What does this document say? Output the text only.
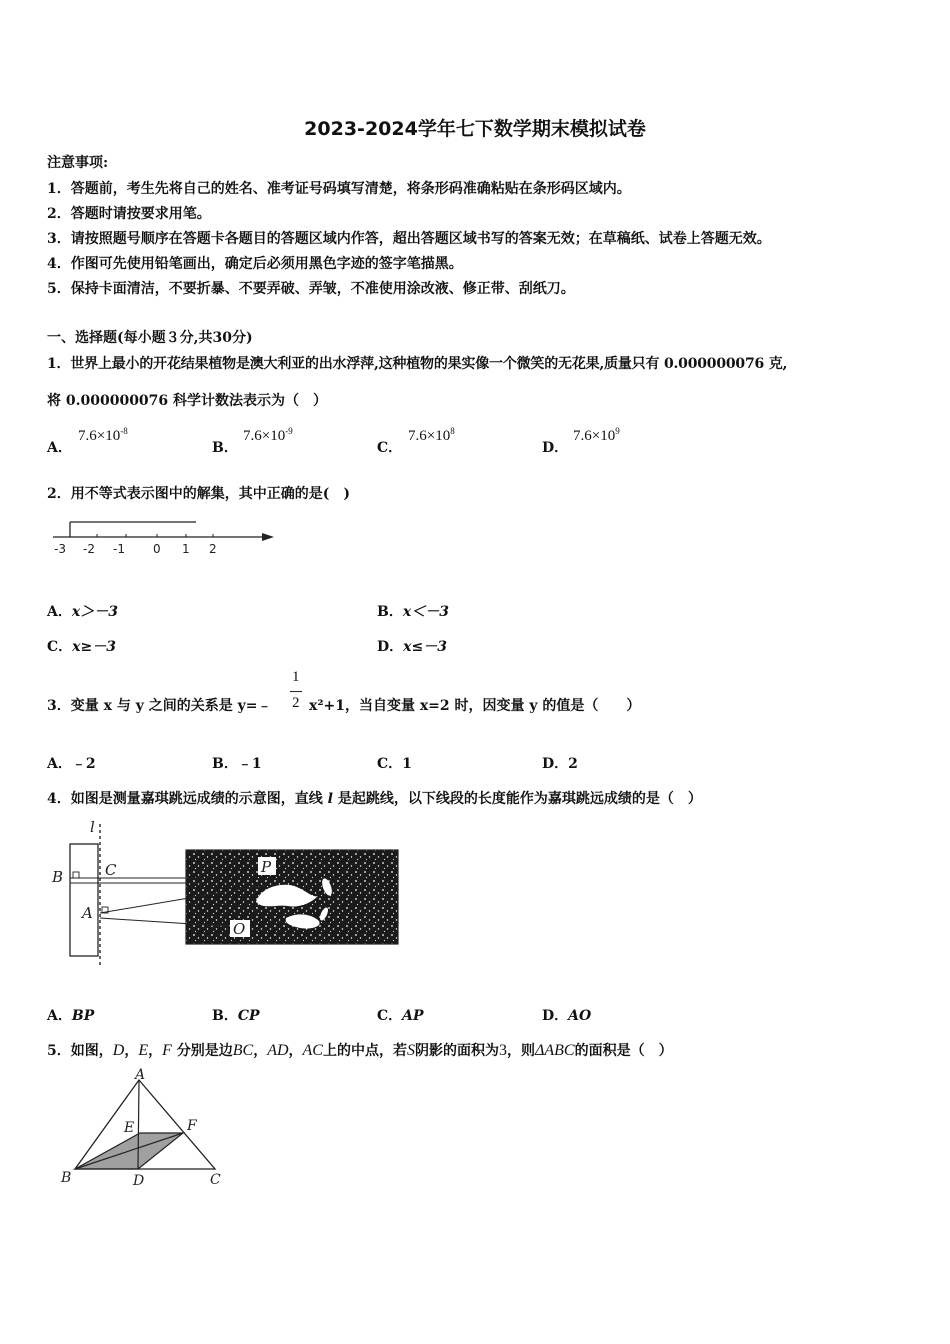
2023-2024学年七下数学期末模拟试卷
注意事项:
1．答题前，考生先将自己的姓名、准考证号码填写清楚，将条形码准确粘贴在条形码区域内。
2．答题时请按要求用笔。
3．请按照题号顺序在答题卡各题目的答题区域内作答，超出答题区域书写的答案无效；在草稿纸、试卷上答题无效。
4．作图可先使用铅笔画出，确定后必须用黑色字迹的签字笔描黑。
5．保持卡面清洁，不要折暴、不要弄破、弄皱，不准使用涂改液、修正带、刮纸刀。
一、选择题(每小题３分,共30分)
1．世界上最小的开花结果植物是澳大利亚的出水浮萍,这种植物的果实像一个微笑的无花果,质量只有 0.000000076 克,
将 0.000000076 科学计数法表示为（　）
A．
$7.6\times 10^{-8}$
B．
$7.6\times 10^{-9}$
C．
$7.6\times 10^8$
D．
$7.6\times 10^9$
2．用不等式表示图中的解集，其中正确的是(　)
-3 -2 -1 0 1 2
A．x＞－3	B．x＜－3
C．x≥－3	D．x≤－3
3．变量 x 与 y 之间的关系是 y=﹣
1
2 x²+1，当自变量 x=2 时，因变量 y 的值是（　　）
A．﹣2	B．﹣1	C．1	D．2
4．如图是测量嘉琪跳远成绩的示意图，直线 l 是起跳线，以下线段的长度能作为嘉琪跳远成绩的是（　）
l
B	C
A
P
O
A．BP	B．CP	C．AP	D．AO
5．如图，D，E，F 分别是边BC，AD，AC上的中点，若S阴影的面积为3，则ΔABC的面积是（　）
A
B	C
D
E	F
